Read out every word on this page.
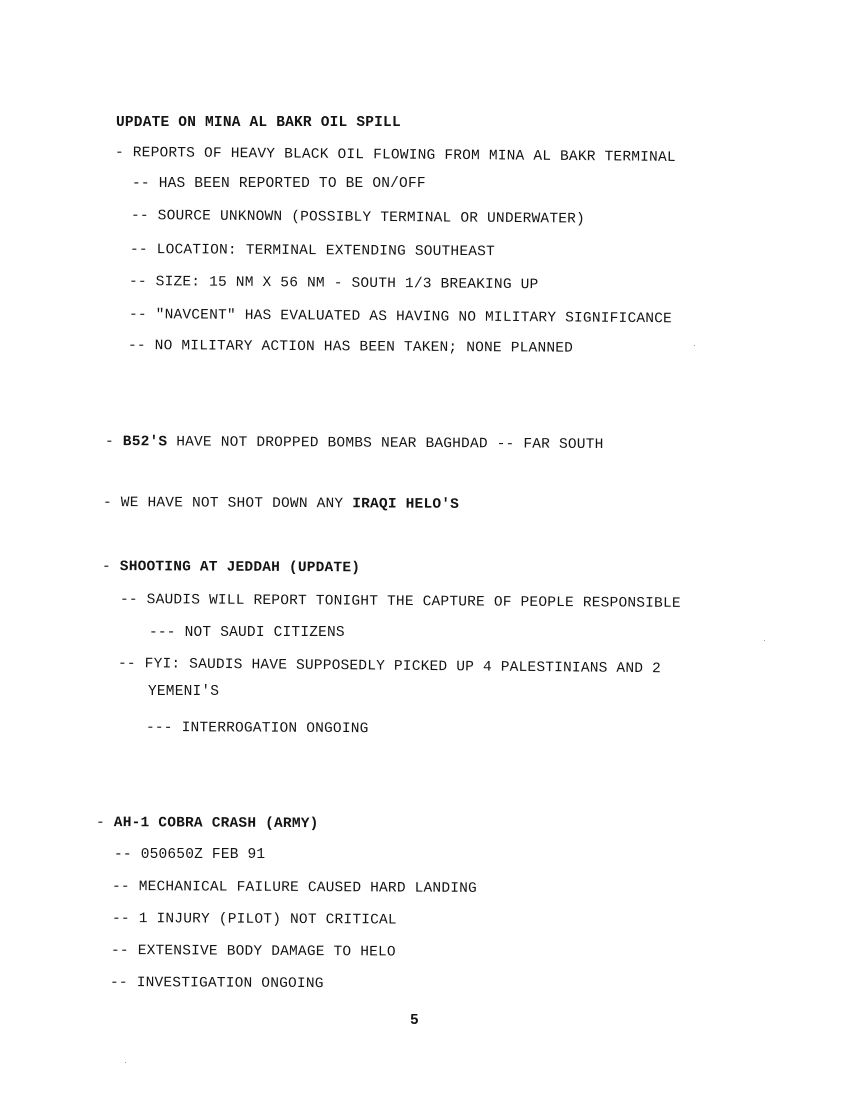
UPDATE ON MINA AL BAKR OIL SPILL
- REPORTS OF HEAVY BLACK OIL FLOWING FROM MINA AL BAKR TERMINAL
-- HAS BEEN REPORTED TO BE ON/OFF
-- SOURCE UNKNOWN (POSSIBLY TERMINAL OR UNDERWATER)
-- LOCATION: TERMINAL EXTENDING SOUTHEAST
-- SIZE: 15 NM X 56 NM - SOUTH 1/3 BREAKING UP
-- "NAVCENT" HAS EVALUATED AS HAVING NO MILITARY SIGNIFICANCE
-- NO MILITARY ACTION HAS BEEN TAKEN; NONE PLANNED
- B52'S HAVE NOT DROPPED BOMBS NEAR BAGHDAD -- FAR SOUTH
- WE HAVE NOT SHOT DOWN ANY IRAQI HELO'S
- SHOOTING AT JEDDAH (UPDATE)
-- SAUDIS WILL REPORT TONIGHT THE CAPTURE OF PEOPLE RESPONSIBLE
--- NOT SAUDI CITIZENS
-- FYI: SAUDIS HAVE SUPPOSEDLY PICKED UP 4 PALESTINIANS AND 2
YEMENI'S
--- INTERROGATION ONGOING
- AH-1 COBRA CRASH (ARMY)
-- 050650Z FEB 91
-- MECHANICAL FAILURE CAUSED HARD LANDING
-- 1 INJURY (PILOT) NOT CRITICAL
-- EXTENSIVE BODY DAMAGE TO HELO
-- INVESTIGATION ONGOING
5
